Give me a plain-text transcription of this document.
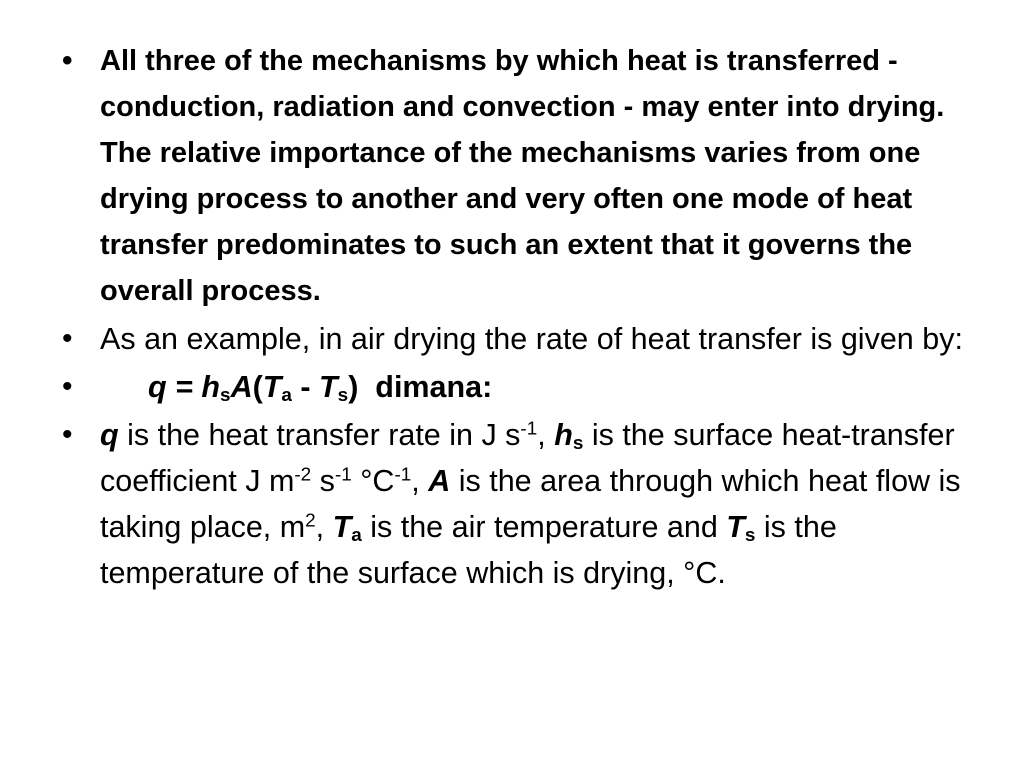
• All three of the mechanisms by which heat is transferred - conduction, radiation and convection - may enter into drying. The relative importance of the mechanisms varies from one drying process to another and very often one mode of heat transfer predominates to such an extent that it governs the overall process.
• As an example, in air drying the rate of heat transfer is given by:
• $q = h_sA(T_a - T_s)$  dimana:
• q is the heat transfer rate in J $s^{-1}$, $h_s$ is the surface heat-transfer coefficient J $m^{-2}$ $s^{-1}$ $^\circ C^{-1}$, A is the area through which heat flow is taking place, $m^2$, $T_a$ is the air temperature and $T_s$ is the temperature of the surface which is drying, °C.
